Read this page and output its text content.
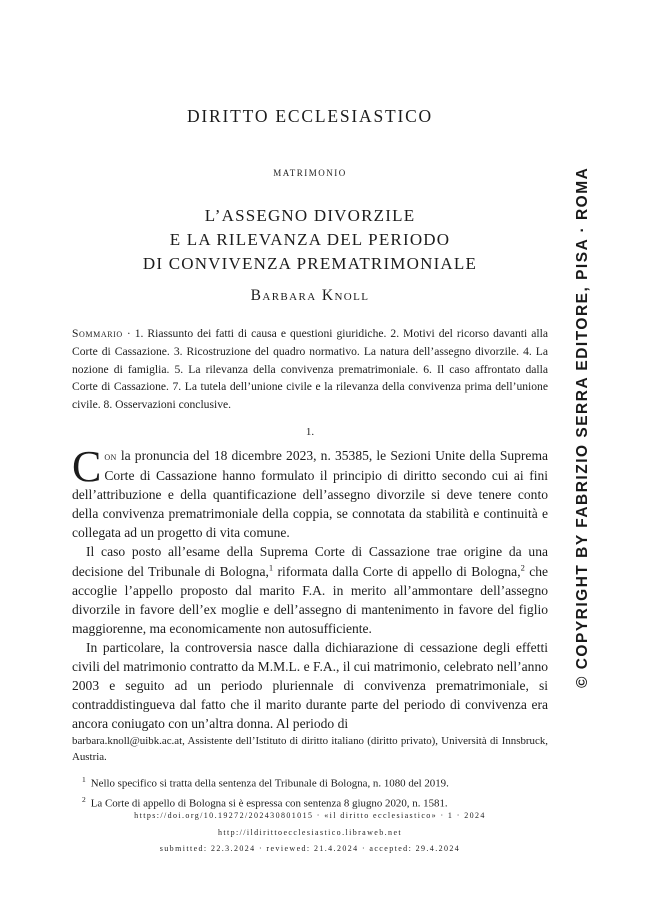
DIRITTO ECCLESIASTICO
MATRIMONIO
L’ASSEGNO DIVORZILE
E LA RILEVANZA DEL PERIODO
DI CONVIVENZA PREMATRIMONIALE
Barbara Knoll
Sommario · 1. Riassunto dei fatti di causa e questioni giuridiche. 2. Motivi del ricorso davanti alla Corte di Cassazione. 3. Ricostruzione del quadro normativo. La natura dell’assegno divorzile. 4. La nozione di famiglia. 5. La rilevanza della convivenza prematrimoniale. 6. Il caso affrontato dalla Corte di Cassazione. 7. La tutela dell’unione civile e la rilevanza della convivenza prima dell’unione civile. 8. Osservazioni conclusive.
1.

Con la pronuncia del 18 dicembre 2023, n. 35385, le Sezioni Unite della Suprema Corte di Cassazione hanno formulato il principio di diritto secondo cui ai fini dell’attribuzione e della quantificazione dell’assegno divorzile si deve tenere conto della convivenza prematrimoniale della coppia, se connotata da stabilità e continuità e collegata ad un progetto di vita comune.

Il caso posto all’esame della Suprema Corte di Cassazione trae origine da una decisione del Tribunale di Bologna,$^1$ riformata dalla Corte di appello di Bologna,$^2$ che accoglie l’appello proposto dal marito F.A. in merito all’ammontare dell’assegno divorzile in favore dell’ex moglie e dell’assegno di mantenimento in favore del figlio maggiorenne, ma economicamente non autosufficiente.

In particolare, la controversia nasce dalla dichiarazione di cessazione degli effetti civili del matrimonio contratto da M.M.L. e F.A., il cui matrimonio, celebrato nell’anno 2003 e seguito ad un periodo pluriennale di convivenza prematrimoniale, si contraddistingueva dal fatto che il marito durante parte del periodo di convivenza era ancora coniugato con un’altra donna. Al periodo di

barbara.knoll@uibk.ac.at, Assistente dell’Istituto di diritto italiano (diritto privato), Università di Innsbruck, Austria.
$^1$ Nello specifico si tratta della sentenza del Tribunale di Bologna, n. 1080 del 2019.
$^2$ La Corte di appello di Bologna si è espressa con sentenza 8 giugno 2020, n. 1581.
https://doi.org/10.19272/202430801015 · «il diritto ecclesiastico» · 1 · 2024
http://ildirittoecclesiastico.libraweb.net
submitted: 22.3.2024 · reviewed: 21.4.2024 · accepted: 29.4.2024
© COPYRIGHT BY FABRIZIO SERRA EDITORE, PISA · ROMA
